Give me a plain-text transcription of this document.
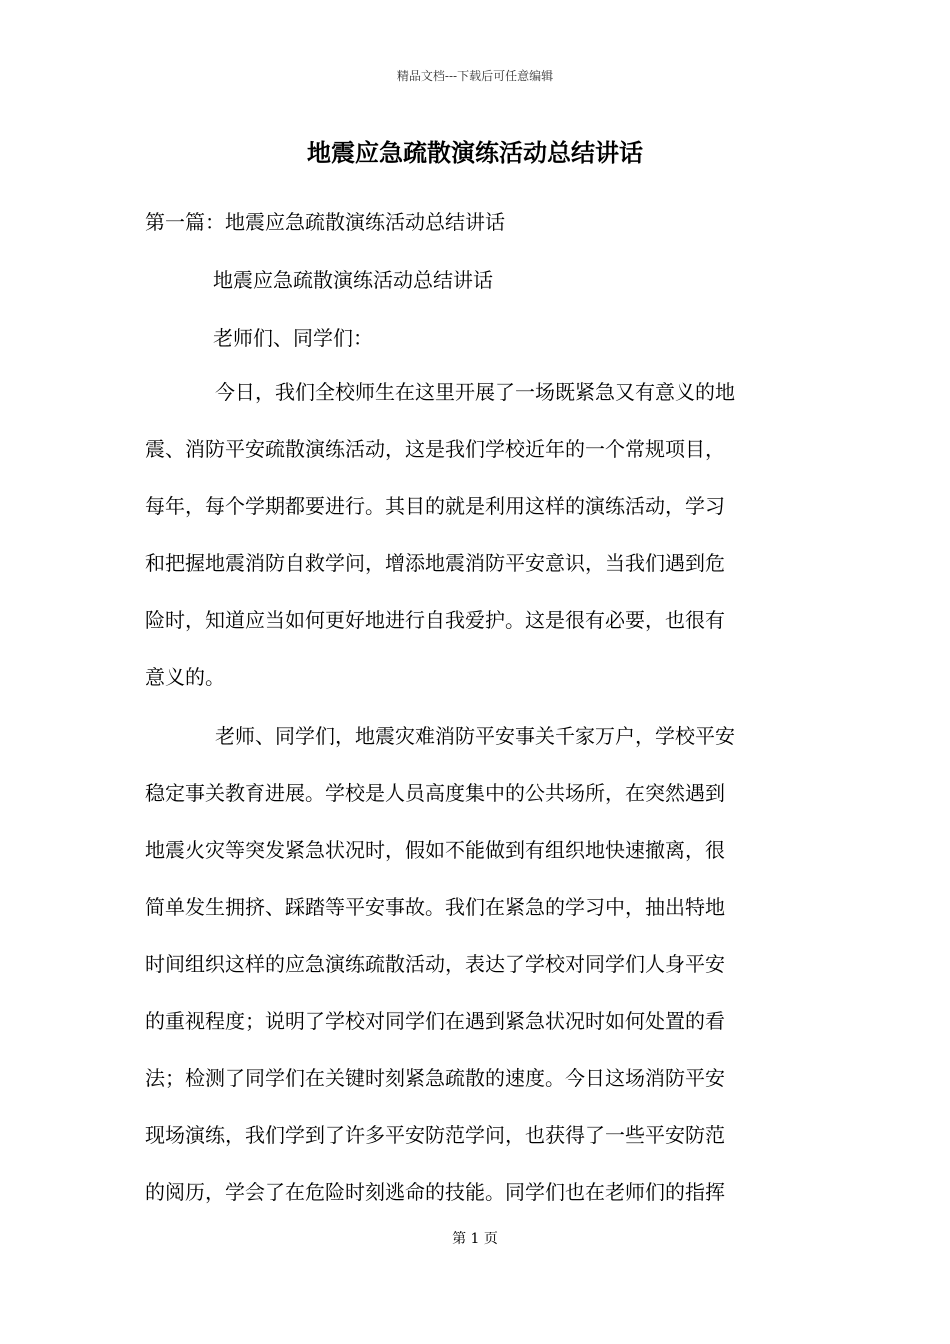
精品文档---下载后可任意编辑
地震应急疏散演练活动总结讲话
第一篇：地震应急疏散演练活动总结讲话

地震应急疏散演练活动总结讲话

老师们、同学们：

今日，我们全校师生在这里开展了一场既紧急又有意义的地
震、消防平安疏散演练活动，这是我们学校近年的一个常规项目，
每年，每个学期都要进行。其目的就是利用这样的演练活动，学习
和把握地震消防自救学问，增添地震消防平安意识，当我们遇到危
险时，知道应当如何更好地进行自我爱护。这是很有必要，也很有
意义的。
老师、同学们，地震灾难消防平安事关千家万户，学校平安
稳定事关教育进展。学校是人员高度集中的公共场所，在突然遇到
地震火灾等突发紧急状况时，假如不能做到有组织地快速撤离，很
简单发生拥挤、踩踏等平安事故。我们在紧急的学习中，抽出特地
时间组织这样的应急演练疏散活动，表达了学校对同学们人身平安
的重视程度；说明了学校对同学们在遇到紧急状况时如何处置的看
法；检测了同学们在关键时刻紧急疏散的速度。今日这场消防平安
现场演练，我们学到了许多平安防范学问，也获得了一些平安防范
的阅历，学会了在危险时刻逃命的技能。同学们也在老师们的指挥
第 1 页
